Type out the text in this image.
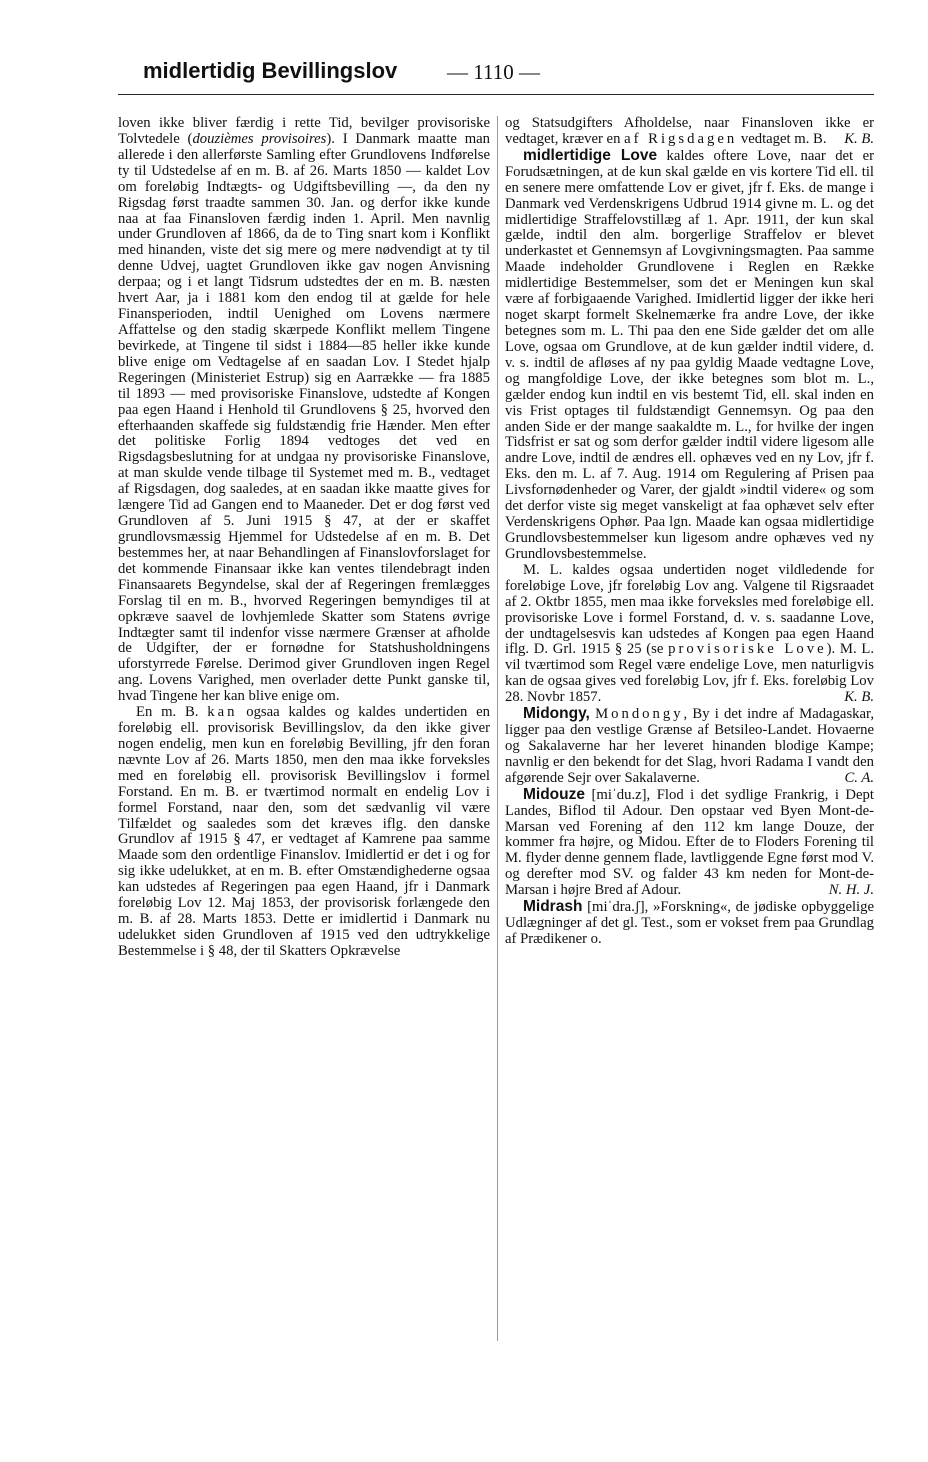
midlertidig Bevillingslov — 1110 —

loven ikke bliver færdig i rette Tid, bevilger provisoriske Tolvtedele (douzièmes provisoires). I Danmark maatte man allerede i den allerførste Samling efter Grundlovens Indførelse ty til Udstedelse af en m. B. af 26. Marts 1850 — kaldet Lov om foreløbig Indtægts- og Udgiftsbevilling —, da den ny Rigsdag først traadte sammen 30. Jan. og derfor ikke kunde naa at faa Finansloven færdig inden 1. April. Men navnlig under Grundloven af 1866, da de to Ting snart kom i Konflikt med hinanden, viste det sig mere og mere nødvendigt at ty til denne Udvej, uagtet Grundloven ikke gav nogen Anvisning derpaa; og i et langt Tidsrum udstedtes der en m. B. næsten hvert Aar, ja i 1881 kom den endog til at gælde for hele Finansperioden, indtil Uenighed om Lovens nærmere Affattelse og den stadig skærpede Konflikt mellem Tingene bevirkede, at Tingene til sidst i 1884—85 heller ikke kunde blive enige om Vedtagelse af en saadan Lov. I Stedet hjalp Regeringen (Ministeriet Estrup) sig en Aarrække — fra 1885 til 1893 — med provisoriske Finanslove, udstedte af Kongen paa egen Haand i Henhold til Grundlovens § 25, hvorved den efterhaanden skaffede sig fuldstændig frie Hænder. Men efter det politiske Forlig 1894 vedtoges det ved en Rigsdagsbeslutning for at undgaa ny provisoriske Finanslove, at man skulde vende tilbage til Systemet med m. B., vedtaget af Rigsdagen, dog saaledes, at en saadan ikke maatte gives for længere Tid ad Gangen end to Maaneder. Det er dog først ved Grundloven af 5. Juni 1915 § 47, at der er skaffet grundlovsmæssig Hjemmel for Udstedelse af en m. B. Det bestemmes her, at naar Behandlingen af Finanslovforslaget for det kommende Finansaar ikke kan ventes tilendebragt inden Finansaarets Begyndelse, skal der af Regeringen fremlægges Forslag til en m. B., hvorved Regeringen bemyndiges til at opkræve saavel de lovhjemlede Skatter som Statens øvrige Indtægter samt til indenfor visse nærmere Grænser at afholde de Udgifter, der er fornødne for Statshusholdningens uforstyrrede Førelse. Derimod giver Grundloven ingen Regel ang. Lovens Varighed, men overlader dette Punkt ganske til, hvad Tingene her kan blive enige om.

En m. B. kan ogsaa kaldes og kaldes undertiden en foreløbig ell. provisorisk Bevillingslov, da den ikke giver nogen endelig, men kun en foreløbig Bevilling, jfr den foran nævnte Lov af 26. Marts 1850, men den maa ikke forveksles med en foreløbig ell. provisorisk Bevillingslov i formel Forstand. En m. B. er tværtimod normalt en endelig Lov i formel Forstand, naar den, som det sædvanlig vil være Tilfældet og saaledes som det kræves iflg. den danske Grundlov af 1915 § 47, er vedtaget af Kamrene paa samme Maade som den ordentlige Finanslov. Imidlertid er det i og for sig ikke udelukket, at en m. B. efter Omstændighederne ogsaa kan udstedes af Regeringen paa egen Haand, jfr i Danmark foreløbig Lov 12. Maj 1853, der provisorisk forlængede den m. B. af 28. Marts 1853. Dette er imidlertid i Danmark nu udelukket siden Grundloven af 1915 ved den udtrykkelige Bestemmelse i § 48, der til Skatters Opkrævelse

og Statsudgifters Afholdelse, naar Finansloven ikke er vedtaget, kræver en af Rigsdagen vedtaget m. B.	K. B.

midlertidige Love kaldes oftere Love, naar det er Forudsætningen, at de kun skal gælde en vis kortere Tid ell. til en senere mere omfattende Lov er givet, jfr f. Eks. de mange i Danmark ved Verdenskrigens Udbrud 1914 givne m. L. og det midlertidige Straffelovstillæg af 1. Apr. 1911, der kun skal gælde, indtil den alm. borgerlige Straffelov er blevet underkastet et Gennemsyn af Lovgivningsmagten. Paa samme Maade indeholder Grundlovene i Reglen en Række midlertidige Bestemmelser, som det er Meningen kun skal være af forbigaaende Varighed. Imidlertid ligger der ikke heri noget skarpt formelt Skelnemærke fra andre Love, der ikke betegnes som m. L. Thi paa den ene Side gælder det om alle Love, ogsaa om Grundlove, at de kun gælder indtil videre, d. v. s. indtil de afløses af ny paa gyldig Maade vedtagne Love, og mangfoldige Love, der ikke betegnes som blot m. L., gælder endog kun indtil en vis bestemt Tid, ell. skal inden en vis Frist optages til fuldstændigt Gennemsyn. Og paa den anden Side er der mange saakaldte m. L., for hvilke der ingen Tidsfrist er sat og som derfor gælder indtil videre ligesom alle andre Love, indtil de ændres ell. ophæves ved en ny Lov, jfr f. Eks. den m. L. af 7. Aug. 1914 om Regulering af Prisen paa Livsfornødenheder og Varer, der gjaldt »indtil videre« og som det derfor viste sig meget vanskeligt at faa ophævet selv efter Verdenskrigens Ophør. Paa lgn. Maade kan ogsaa midlertidige Grundlovsbestemmelser kun ligesom andre ophæves ved ny Grundlovsbestemmelse.

M. L. kaldes ogsaa undertiden noget vildledende for foreløbige Love, jfr foreløbig Lov ang. Valgene til Rigsraadet af 2. Oktbr 1855, men maa ikke forveksles med foreløbige ell. provisoriske Love i formel Forstand, d. v. s. saadanne Love, der undtagelsesvis kan udstedes af Kongen paa egen Haand iflg. D. Grl. 1915 § 25 (se provisoriske Love). M. L. vil tværtimod som Regel være endelige Love, men naturligvis kan de ogsaa gives ved foreløbig Lov, jfr f. Eks. foreløbig Lov 28. Novbr 1857.	K. B.

Midongy, Mondongy, By i det indre af Madagaskar, ligger paa den vestlige Grænse af Betsileo-Landet. Hovaerne og Sakalaverne har her leveret hinanden blodige Kampe; navnlig er den bekendt for det Slag, hvori Radama I vandt den afgørende Sejr over Sakalaverne.	C. A.

Midouze [miˈdu.z], Flod i det sydlige Frankrig, i Dept Landes, Biflod til Adour. Den opstaar ved Byen Mont-de-Marsan ved Forening af den 112 km lange Douze, der kommer fra højre, og Midou. Efter de to Floders Forening til M. flyder denne gennem flade, lavtliggende Egne først mod V. og derefter mod SV. og falder 43 km neden for Mont-de-Marsan i højre Bred af Adour.	N. H. J.

Midrash [miˈdra.ʃ], »Forskning«, de jødiske opbyggelige Udlægninger af det gl. Test., som er vokset frem paa Grundlag af Prædikener o.
